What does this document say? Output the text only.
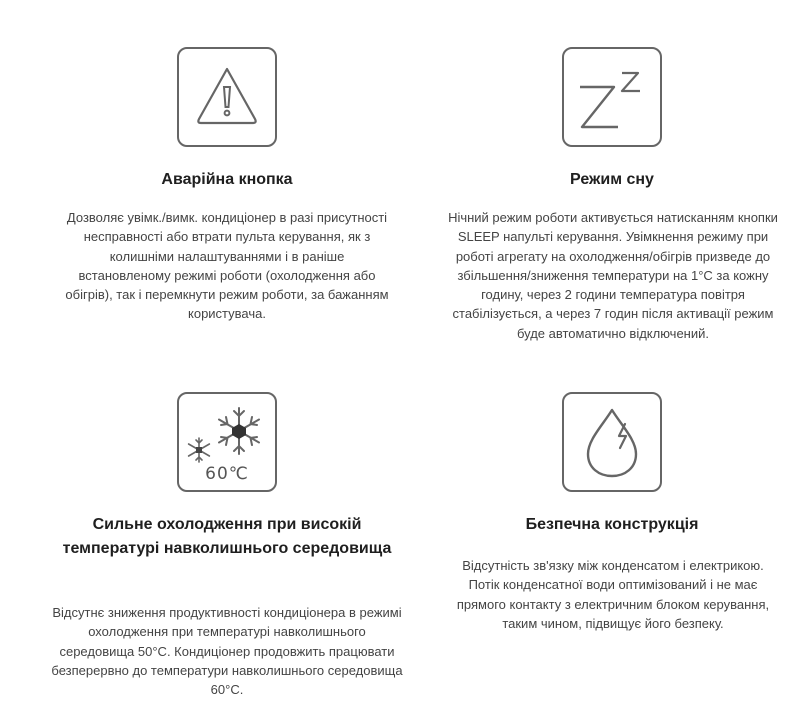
Аварійна кнопка
Дозволяє увімк./вимк. кондиціонер в разі присутності несправності або втрати пульта керування, як з колишніми налаштуваннями і в раніше встановленому режимі роботи (охолодження або обігрів), так і перемкнути режим роботи, за бажанням користувача.
Режим сну
Нічний режим роботи активується натисканням кнопки SLEEP напульті керування. Увімкнення режиму при роботі агрегату на охолодження/обігрів призведе до збільшення/зниження температури на 1°С за кожну годину, через 2 години температура повітря стабілізується, а через 7 годин після активації режим буде автоматично відключений.
60℃
Сильне охолодження при високій температурі навколишнього середовища
Відсутнє зниження продуктивності кондиціонера в режимі охолодження при температурі навколишнього середовища 50°С. Кондиціонер продовжить працювати безперервно до температури навколишнього середовища 60°С.
Безпечна конструкція
Відсутність зв'язку між конденсатом і електрикою. Потік конденсатної води оптимізований і не має прямого контакту з електричним блоком керування, таким чином, підвищує його безпеку.
